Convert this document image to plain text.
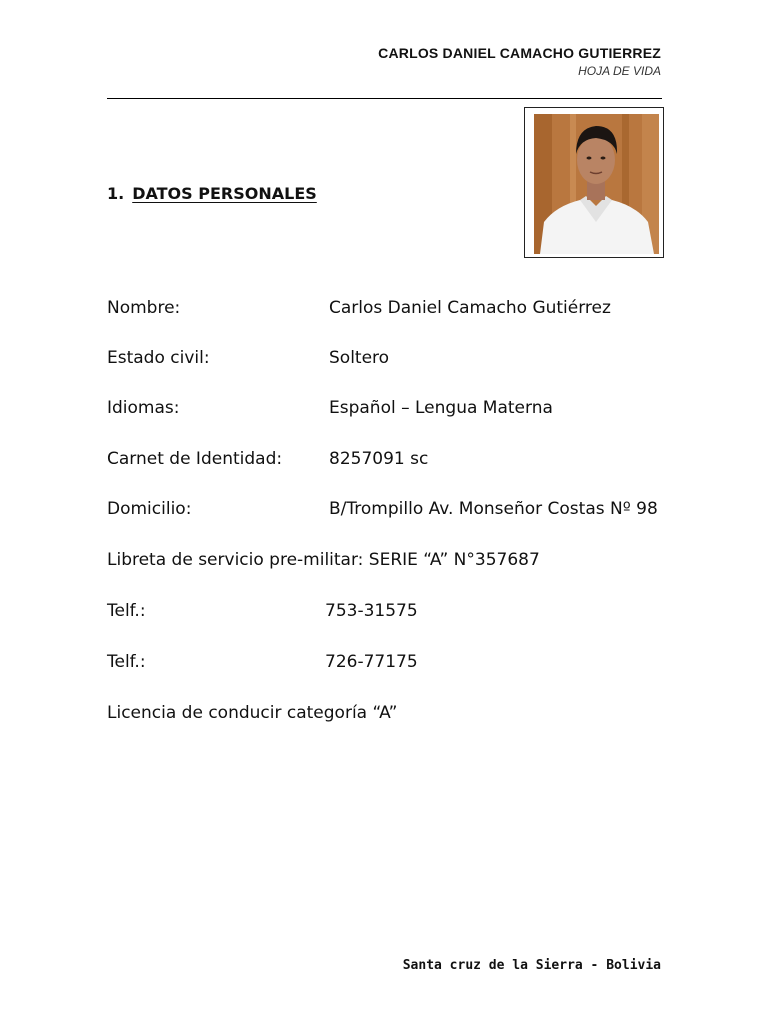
CARLOS DANIEL CAMACHO GUTIERREZ
HOJA DE VIDA
1. DATOS PERSONALES
Nombre:	Carlos Daniel Camacho Gutiérrez
Estado civil:	Soltero
Idiomas:	Español – Lengua Materna
Carnet de Identidad:	8257091 sc
Domicilio:	B/Trompillo Av. Monseñor Costas Nº 98
Libreta de servicio pre-militar: SERIE “A” N°357687
Telf.:	753-31575
Telf.:	726-77175
Licencia de conducir categoría “A”
Santa cruz de la Sierra - Bolivia
